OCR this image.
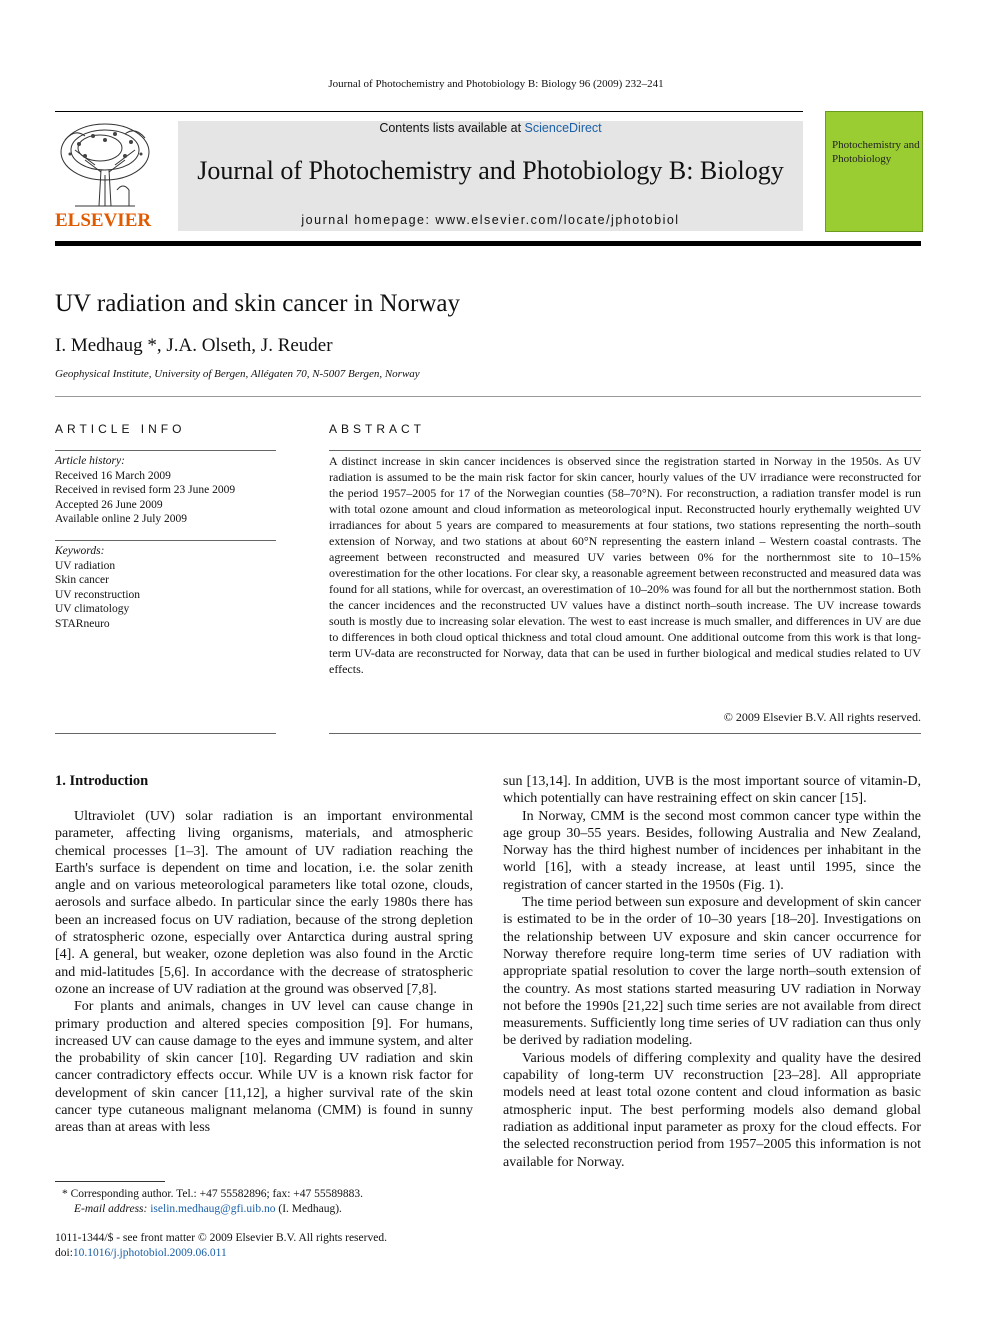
Journal of Photochemistry and Photobiology B: Biology 96 (2009) 232–241
ELSEVIER
Contents lists available at ScienceDirect
Journal of Photochemistry and Photobiology B: Biology
journal homepage: www.elsevier.com/locate/jphotobiol
Photochemistry and Photobiology
UV radiation and skin cancer in Norway
I. Medhaug *, J.A. Olseth, J. Reuder
Geophysical Institute, University of Bergen, Allégaten 70, N-5007 Bergen, Norway
ARTICLE INFO
Article history:
Received 16 March 2009
Received in revised form 23 June 2009
Accepted 26 June 2009
Available online 2 July 2009
Keywords:
UV radiation
Skin cancer
UV reconstruction
UV climatology
STARneuro
ABSTRACT
A distinct increase in skin cancer incidences is observed since the registration started in Norway in the 1950s. As UV radiation is assumed to be the main risk factor for skin cancer, hourly values of the UV irradiance were reconstructed for the period 1957–2005 for 17 of the Norwegian counties (58–70°N). For reconstruction, a radiation transfer model is run with total ozone amount and cloud information as meteorological input. Reconstructed hourly erythemally weighted UV irradiances for about 5 years are compared to measurements at four stations, two stations representing the north–south extension of Norway, and two stations at about 60°N representing the eastern inland – Western coastal contrasts. The agreement between reconstructed and measured UV varies between 0% for the northernmost site to 10–15% overestimation for the other locations. For clear sky, a reasonable agreement between reconstructed and measured data was found for all stations, while for overcast, an overestimation of 10–20% was found for all but the northernmost station. Both the cancer incidences and the reconstructed UV values have a distinct north–south increase. The UV increase towards south is mostly due to increasing solar elevation. The west to east increase is much smaller, and differences in UV are due to differences in both cloud optical thickness and total cloud amount. One additional outcome from this work is that long-term UV-data are reconstructed for Norway, data that can be used in further biological and medical studies related to UV effects.
© 2009 Elsevier B.V. All rights reserved.
1. Introduction

Ultraviolet (UV) solar radiation is an important environmental parameter, affecting living organisms, materials, and atmospheric chemical processes [1–3]. The amount of UV radiation reaching the Earth's surface is dependent on time and location, i.e. the solar zenith angle and on various meteorological parameters like total ozone, clouds, aerosols and surface albedo. In particular since the early 1980s there has been an increased focus on UV radiation, because of the strong depletion of stratospheric ozone, especially over Antarctica during austral spring [4]. A general, but weaker, ozone depletion was also found in the Arctic and mid-latitudes [5,6]. In accordance with the decrease of stratospheric ozone an increase of UV radiation at the ground was observed [7,8].

For plants and animals, changes in UV level can cause change in primary production and altered species composition [9]. For humans, increased UV can cause damage to the eyes and immune system, and alter the probability of skin cancer [10]. Regarding UV radiation and skin cancer contradictory effects occur. While UV is a known risk factor for development of skin cancer [11,12], a higher survival rate of the skin cancer type cutaneous malignant melanoma (CMM) is found in sunny areas than at areas with less

sun [13,14]. In addition, UVB is the most important source of vitamin-D, which potentially can have restraining effect on skin cancer [15].

In Norway, CMM is the second most common cancer type within the age group 30–55 years. Besides, following Australia and New Zealand, Norway has the third highest number of incidences per inhabitant in the world [16], with a steady increase, at least until 1995, since the registration of cancer started in the 1950s (Fig. 1).

The time period between sun exposure and development of skin cancer is estimated to be in the order of 10–30 years [18–20]. Investigations on the relationship between UV exposure and skin cancer occurrence for Norway therefore require long-term time series of UV radiation with appropriate spatial resolution to cover the large north–south extension of the country. As most stations started measuring UV radiation in Norway not before the 1990s [21,22] such time series are not available from direct measurements. Sufficiently long time series of UV radiation can thus only be derived by radiation modeling.

Various models of differing complexity and quality have the desired capability of long-term UV reconstruction [23–28]. All appropriate models need at least total ozone content and cloud information as basic atmospheric input. The best performing models also demand global radiation as additional input parameter as proxy for the cloud effects. For the selected reconstruction period from 1957–2005 this information is not available for Norway.

* Corresponding author. Tel.: +47 55582896; fax: +47 55589883.
E-mail address: iselin.medhaug@gfi.uib.no (I. Medhaug).
1011-1344/$ - see front matter © 2009 Elsevier B.V. All rights reserved.
doi:10.1016/j.jphotobiol.2009.06.011
